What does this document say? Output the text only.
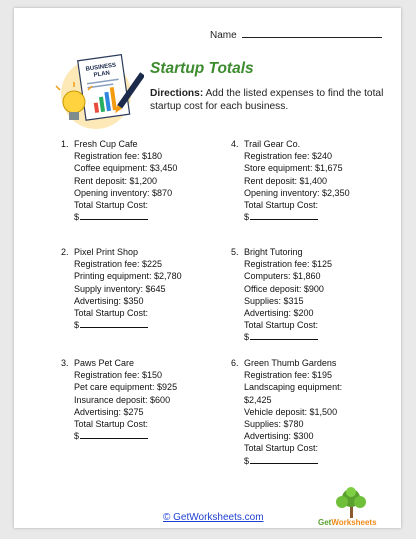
Name
BUSINESS
PLAN	Startup Totals
Directions: Add the listed expenses to find the total startup cost for each business.
1. Fresh Cup Cafe
Registration fee: $180
Coffee equipment: $3,450
Rent deposit: $1,200
Opening inventory: $870
Total Startup Cost:
$
2. Pixel Print Shop
Registration fee: $225
Printing equipment: $2,780
Supply inventory: $645
Advertising: $350
Total Startup Cost:
$
3. Paws Pet Care
Registration fee: $150
Pet care equipment: $925
Insurance deposit: $600
Advertising: $275
Total Startup Cost:
$
4. Trail Gear Co.
Registration fee: $240
Store equipment: $1,675
Rent deposit: $1,400
Opening inventory: $2,350
Total Startup Cost:
$
5. Bright Tutoring
Registration fee: $125
Computers: $1,860
Office deposit: $900
Supplies: $315
Advertising: $200
Total Startup Cost:
$
6. Green Thumb Gardens
Registration fee: $195
Landscaping equipment:
$2,425
Vehicle deposit: $1,500
Supplies: $780
Advertising: $300
Total Startup Cost:
$
© GetWorksheets.com	GetWorksheets
